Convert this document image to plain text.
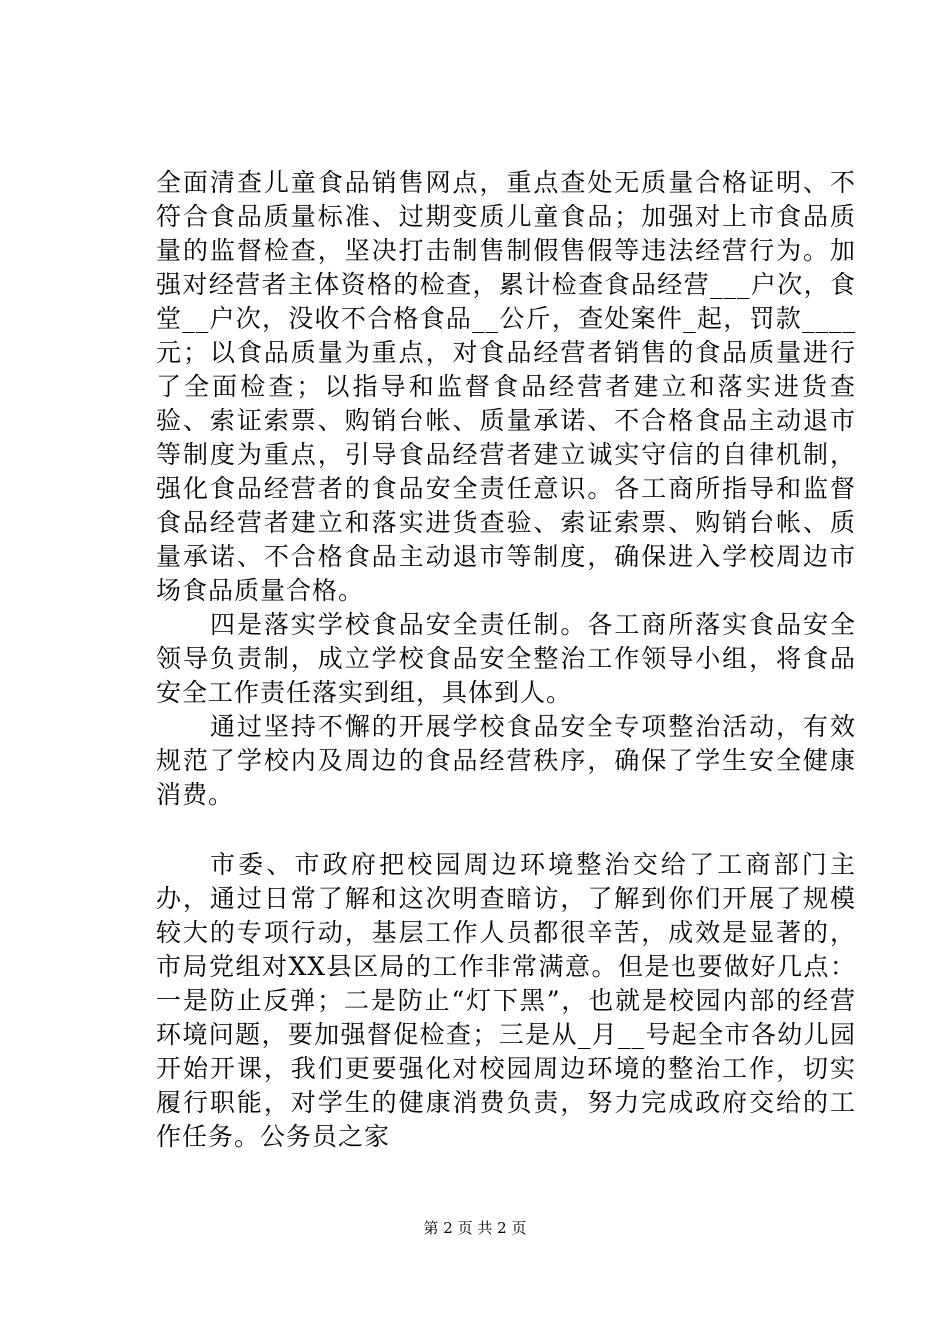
全面清查儿童食品销售网点，重点查处无质量合格证明、不符合食品质量标准、过期变质儿童食品；加强对上市食品质量的监督检查，坚决打击制售制假售假等违法经营行为。加强对经营者主体资格的检查，累计检查食品经营___户次，食堂__户次，没收不合格食品__公斤，查处案件_起，罚款____元；以食品质量为重点，对食品经营者销售的食品质量进行了全面检查；以指导和监督食品经营者建立和落实进货查验、索证索票、购销台帐、质量承诺、不合格食品主动退市等制度为重点，引导食品经营者建立诚实守信的自律机制，强化食品经营者的食品安全责任意识。各工商所指导和监督食品经营者建立和落实进货查验、索证索票、购销台帐、质量承诺、不合格食品主动退市等制度，确保进入学校周边市场食品质量合格。

四是落实学校食品安全责任制。各工商所落实食品安全领导负责制，成立学校食品安全整治工作领导小组，将食品安全工作责任落实到组，具体到人。

通过坚持不懈的开展学校食品安全专项整治活动，有效规范了学校内及周边的食品经营秩序，确保了学生安全健康消费。

市委、市政府把校园周边环境整治交给了工商部门主办，通过日常了解和这次明查暗访，了解到你们开展了规模较大的专项行动，基层工作人员都很辛苦，成效是显著的，市局党组对XX县区局的工作非常满意。但是也要做好几点：一是防止反弹；二是防止“灯下黑”，也就是校园内部的经营环境问题，要加强督促检查；三是从_月__号起全市各幼儿园开始开课，我们更要强化对校园周边环境的整治工作，切实履行职能，对学生的健康消费负责，努力完成政府交给的工作任务。公务员之家

第 2 页 共 2 页
